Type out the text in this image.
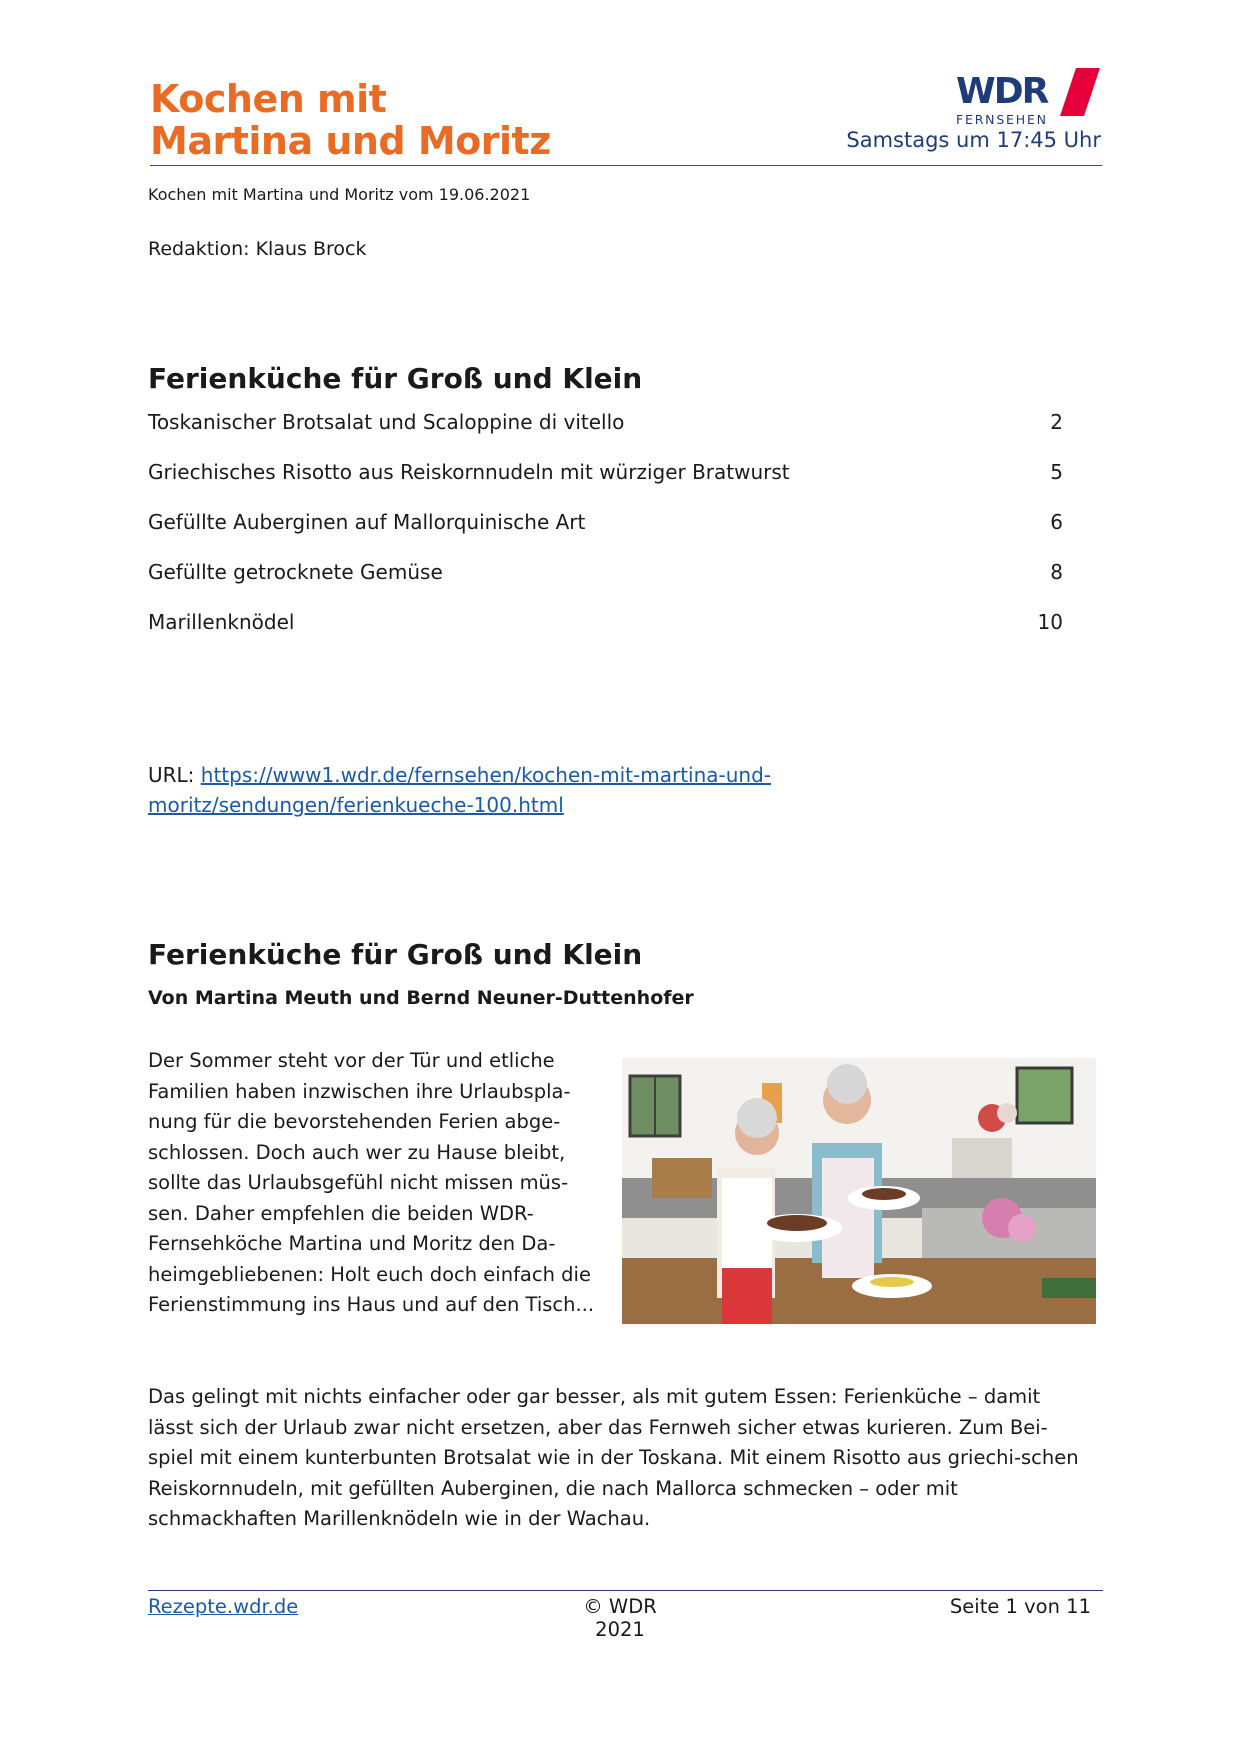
Kochen mit
Martina und Moritz
WDR
FERNSEHEN
Samstags um 17:45 Uhr
Kochen mit Martina und Moritz vom 19.06.2021
Redaktion: Klaus Brock
Ferienküche für Groß und Klein
Toskanischer Brotsalat und Scaloppine di vitello	2
Griechisches Risotto aus Reiskornnudeln mit würziger Bratwurst	5
Gefüllte Auberginen auf Mallorquinische Art	6
Gefüllte getrocknete Gemüse	8
Marillenknödel	10
URL: https://www1.wdr.de/fernsehen/kochen-mit-martina-und-
moritz/sendungen/ferienkueche-100.html
Ferienküche für Groß und Klein
Von Martina Meuth und Bernd Neuner-Duttenhofer

Der Sommer steht vor der Tür und etliche Familien haben inzwischen ihre Urlaubspla-nung für die bevorstehenden Ferien abge-schlossen. Doch auch wer zu Hause bleibt, sollte das Urlaubsgefühl nicht missen müs-sen. Daher empfehlen die beiden WDR-Fernsehköche Martina und Moritz den Da-heimgebliebenen: Holt euch doch einfach die Ferienstimmung ins Haus und auf den Tisch...

Das gelingt mit nichts einfacher oder gar besser, als mit gutem Essen: Ferienküche – damit lässt sich der Urlaub zwar nicht ersetzen, aber das Fernweh sicher etwas kurieren. Zum Bei-spiel mit einem kunterbunten Brotsalat wie in der Toskana. Mit einem Risotto aus griechi-schen Reiskornnudeln, mit gefüllten Auberginen, die nach Mallorca schmecken – oder mit schmackhaften Marillenknödeln wie in der Wachau.

Rezepte.wdr.de	© WDR 2021
Seite 1 von 11
